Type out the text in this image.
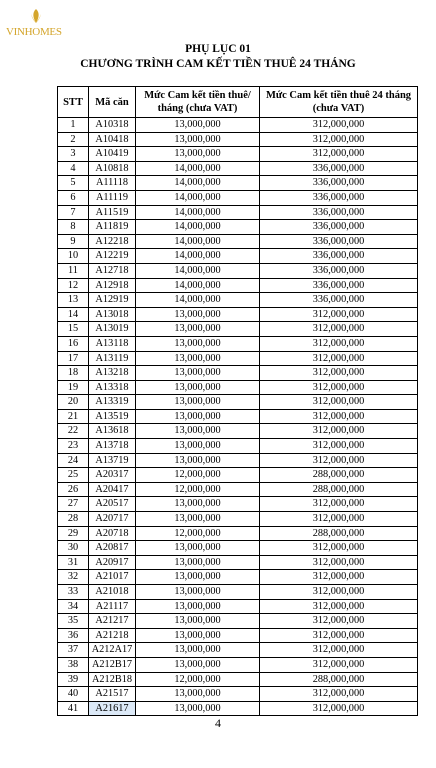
VINHOMES
PHỤ LỤC 01
CHƯƠNG TRÌNH CAM KẾT TIỀN THUÊ 24 THÁNG
STT	Mã căn	Mức Cam kết tiền thuê/ tháng (chưa VAT)	Mức Cam kết tiền thuê 24 tháng (chưa VAT)
1	A10318	13,000,000	312,000,000
2	A10418	13,000,000	312,000,000
3	A10419	13,000,000	312,000,000
4	A10818	14,000,000	336,000,000
5	A11118	14,000,000	336,000,000
6	A11119	14,000,000	336,000,000
7	A11519	14,000,000	336,000,000
8	A11819	14,000,000	336,000,000
9	A12218	14,000,000	336,000,000
10	A12219	14,000,000	336,000,000
11	A12718	14,000,000	336,000,000
12	A12918	14,000,000	336,000,000
13	A12919	14,000,000	336,000,000
14	A13018	13,000,000	312,000,000
15	A13019	13,000,000	312,000,000
16	A13118	13,000,000	312,000,000
17	A13119	13,000,000	312,000,000
18	A13218	13,000,000	312,000,000
19	A13318	13,000,000	312,000,000
20	A13319	13,000,000	312,000,000
21	A13519	13,000,000	312,000,000
22	A13618	13,000,000	312,000,000
23	A13718	13,000,000	312,000,000
24	A13719	13,000,000	312,000,000
25	A20317	12,000,000	288,000,000
26	A20417	12,000,000	288,000,000
27	A20517	13,000,000	312,000,000
28	A20717	13,000,000	312,000,000
29	A20718	12,000,000	288,000,000
30	A20817	13,000,000	312,000,000
31	A20917	13,000,000	312,000,000
32	A21017	13,000,000	312,000,000
33	A21018	13,000,000	312,000,000
34	A21117	13,000,000	312,000,000
35	A21217	13,000,000	312,000,000
36	A21218	13,000,000	312,000,000
37	A212A17	13,000,000	312,000,000
38	A212B17	13,000,000	312,000,000
39	A212B18	12,000,000	288,000,000
40	A21517	13,000,000	312,000,000
41	A21617	13,000,000	312,000,000
4
